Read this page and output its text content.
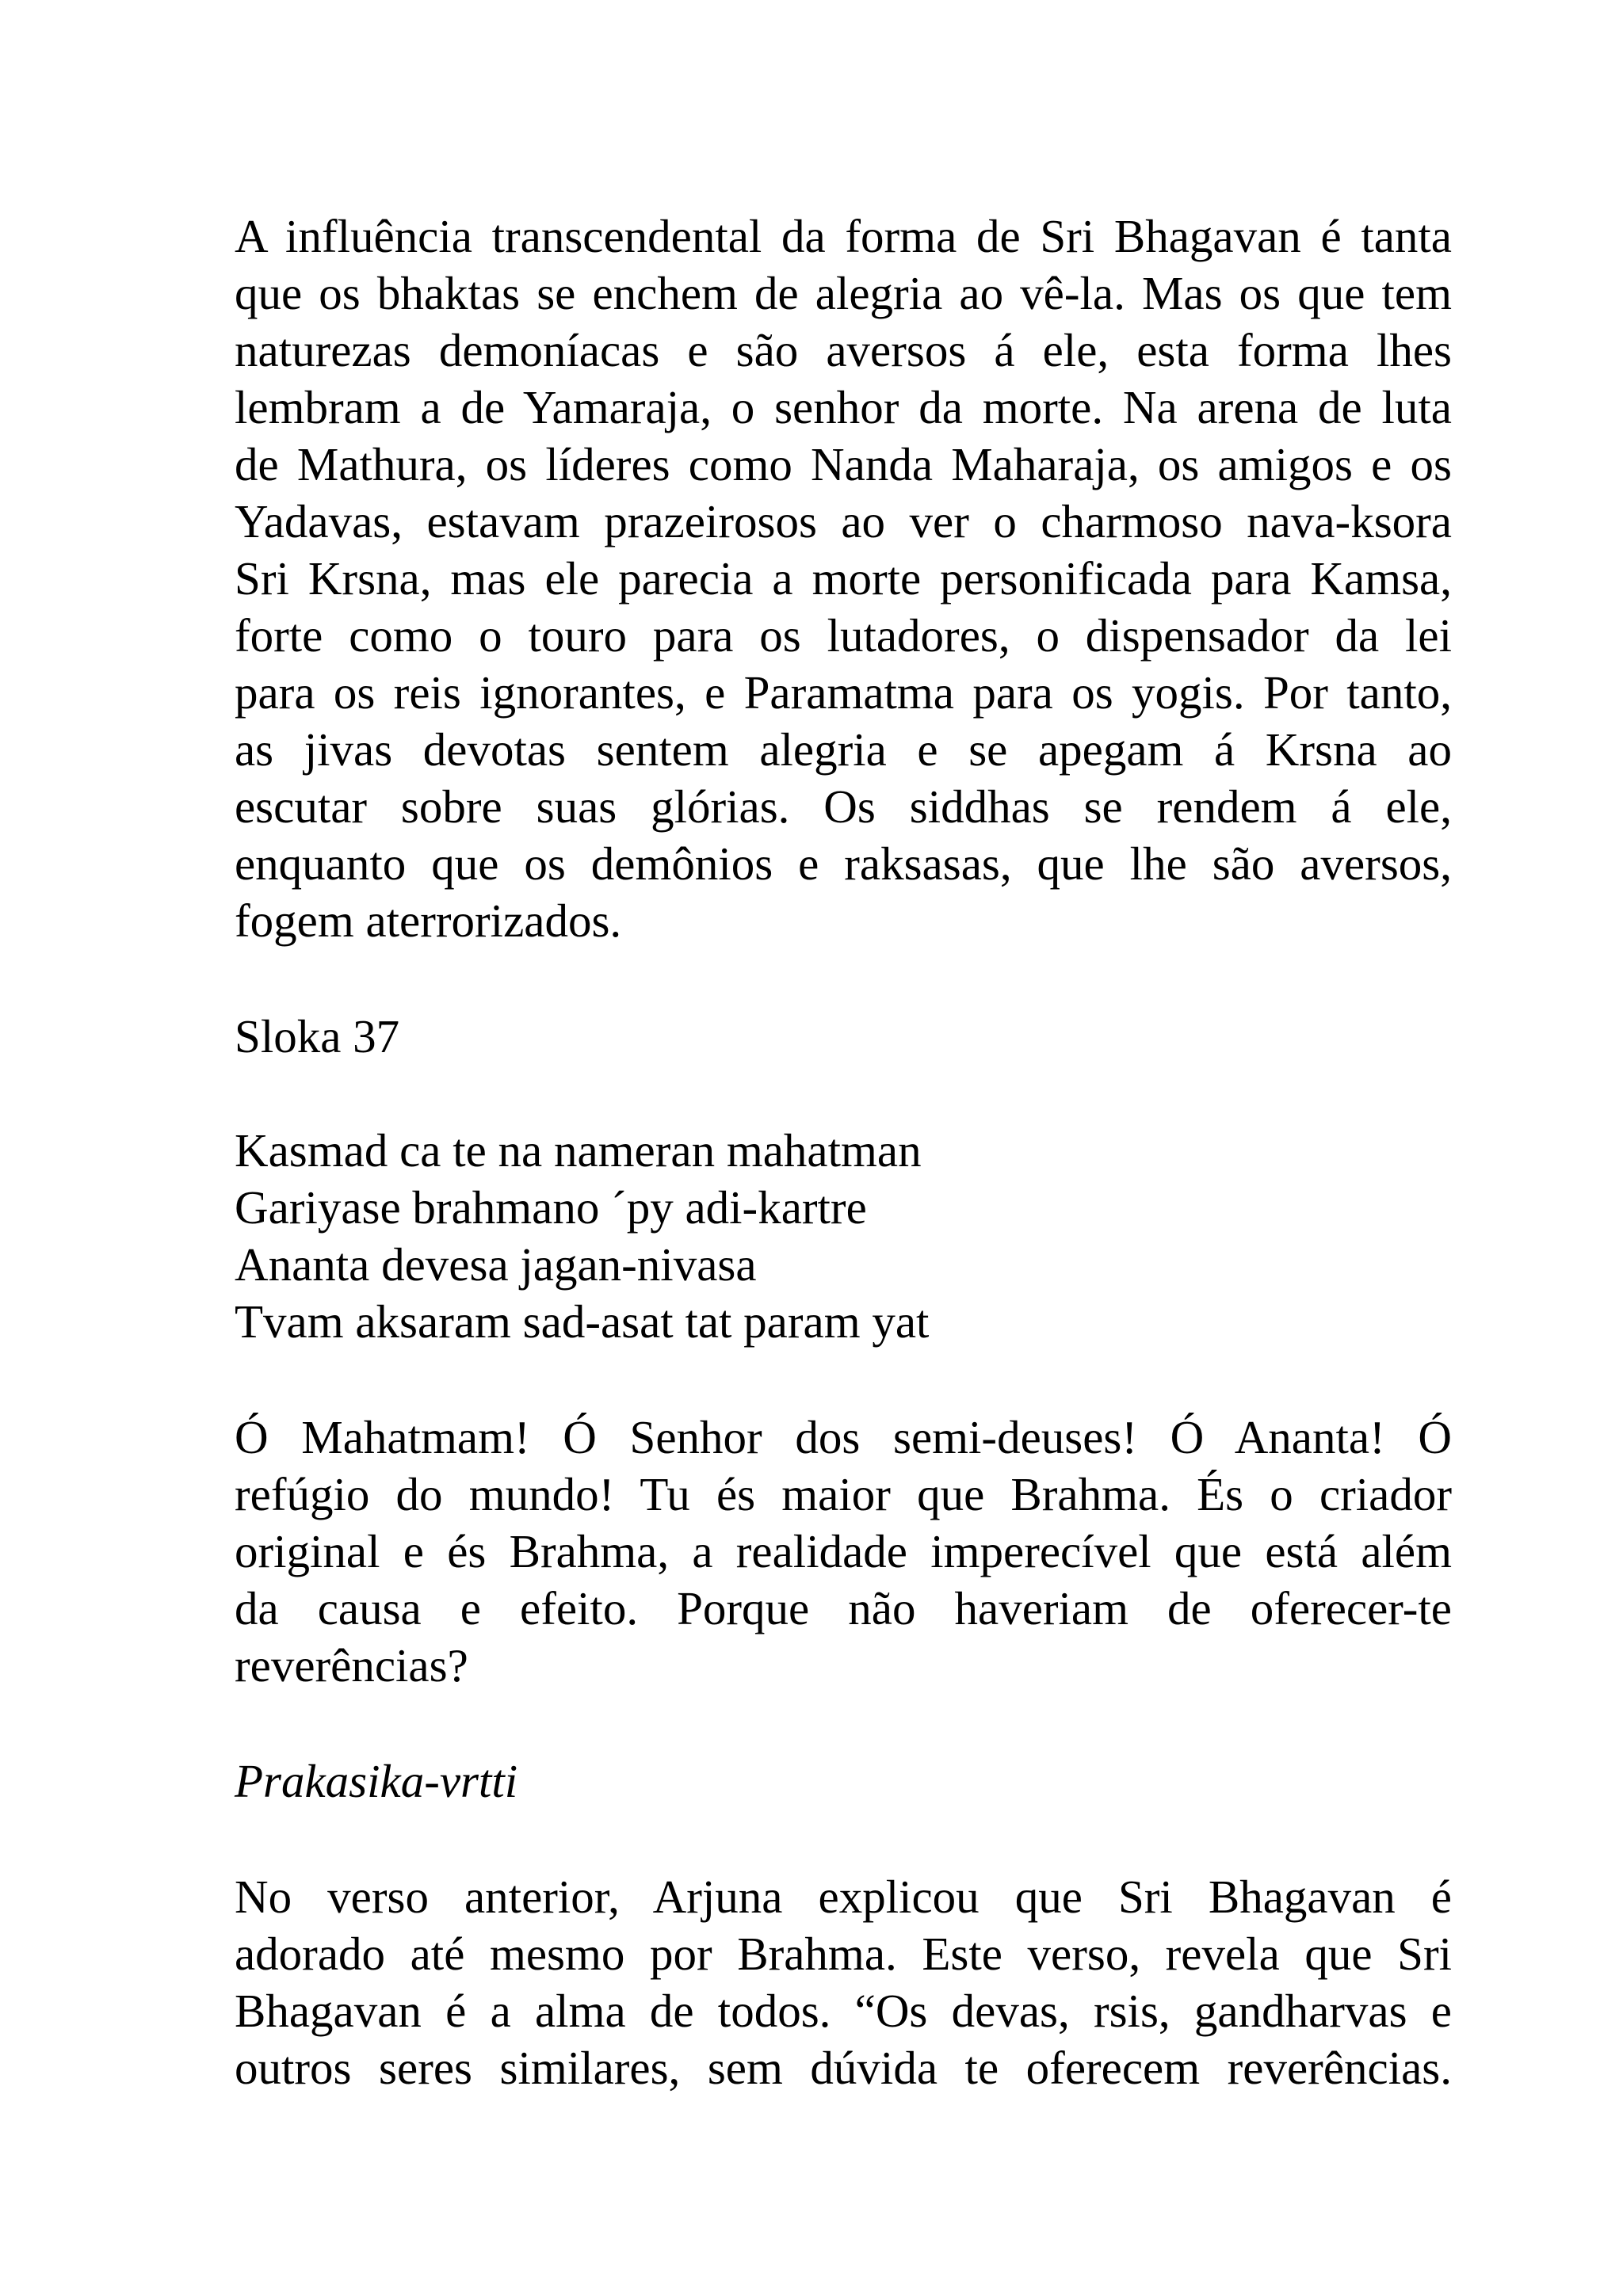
A influência transcendental da forma de Sri Bhagavan é tanta
que os bhaktas se enchem de alegria ao vê-la. Mas os que tem
naturezas demoníacas e são aversos á ele, esta forma lhes
lembram a de Yamaraja, o senhor da morte. Na arena de luta
de Mathura, os líderes como Nanda Maharaja, os amigos e os
Yadavas, estavam prazeirosos ao ver o charmoso nava-ksora
Sri Krsna, mas ele parecia a morte personificada para Kamsa,
forte como o touro para os lutadores, o dispensador da lei
para os reis ignorantes, e Paramatma para os yogis. Por tanto,
as jivas devotas sentem alegria e se apegam á Krsna ao
escutar sobre suas glórias. Os siddhas se rendem á ele,
enquanto que os demônios e raksasas, que lhe são aversos,
fogem aterrorizados.
Sloka 37
Kasmad ca te na nameran mahatman
Gariyase brahmano ´py adi-kartre
Ananta devesa jagan-nivasa
Tvam aksaram sad-asat tat param yat
Ó Mahatmam! Ó Senhor dos semi-deuses! Ó Ananta! Ó
refúgio do mundo! Tu és maior que Brahma. És o criador
original e és Brahma, a realidade imperecível que está além
da causa e efeito. Porque não haveriam de oferecer-te
reverências?
Prakasika-vrtti
No verso anterior, Arjuna explicou que Sri Bhagavan é
adorado até mesmo por Brahma. Este verso, revela que Sri
Bhagavan é a alma de todos. “Os devas, rsis, gandharvas e
outros seres similares, sem dúvida te oferecem reverências.
